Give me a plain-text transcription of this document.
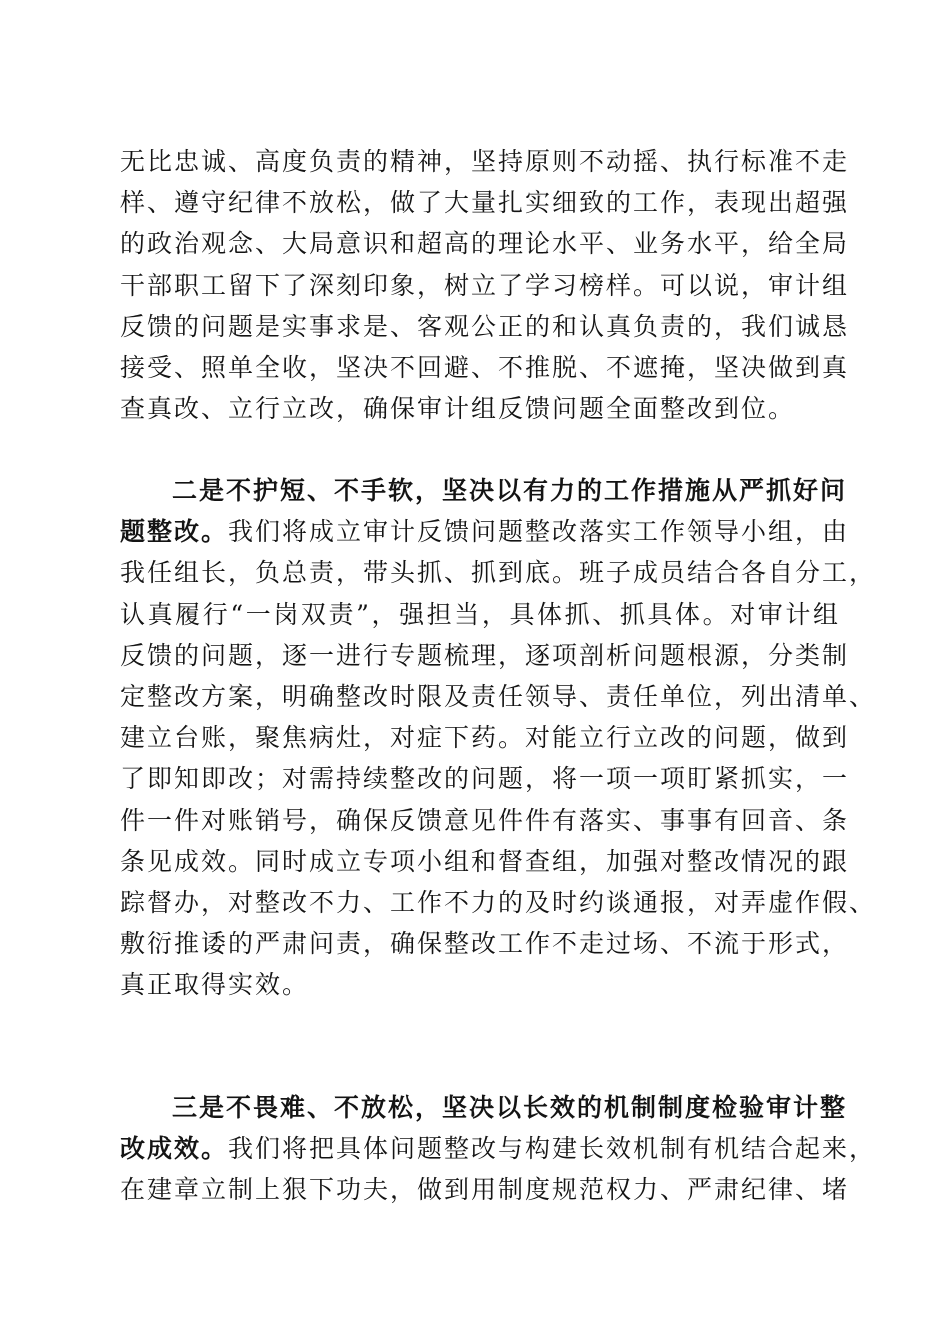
无比忠诚、高度负责的精神，坚持原则不动摇、执行标准不走
样、遵守纪律不放松，做了大量扎实细致的工作，表现出超强
的政治观念、大局意识和超高的理论水平、业务水平，给全局
干部职工留下了深刻印象，树立了学习榜样。可以说，审计组
反馈的问题是实事求是、客观公正的和认真负责的，我们诚恳
接受、照单全收，坚决不回避、不推脱、不遮掩，坚决做到真
查真改、立行立改，确保审计组反馈问题全面整改到位。
二是不护短、不手软，坚决以有力的工作措施从严抓好问
题整改。我们将成立审计反馈问题整改落实工作领导小组，由
我任组长，负总责，带头抓、抓到底。班子成员结合各自分工，
认真履行“一岗双责”，强担当，具体抓、抓具体。对审计组
反馈的问题，逐一进行专题梳理，逐项剖析问题根源，分类制
定整改方案，明确整改时限及责任领导、责任单位，列出清单、
建立台账，聚焦病灶，对症下药。对能立行立改的问题，做到
了即知即改；对需持续整改的问题，将一项一项盯紧抓实，一
件一件对账销号，确保反馈意见件件有落实、事事有回音、条
条见成效。同时成立专项小组和督查组，加强对整改情况的跟
踪督办，对整改不力、工作不力的及时约谈通报，对弄虚作假、
敷衍推诿的严肃问责，确保整改工作不走过场、不流于形式，
真正取得实效。
三是不畏难、不放松，坚决以长效的机制制度检验审计整
改成效。我们将把具体问题整改与构建长效机制有机结合起来，
在建章立制上狠下功夫，做到用制度规范权力、严肃纪律、堵
